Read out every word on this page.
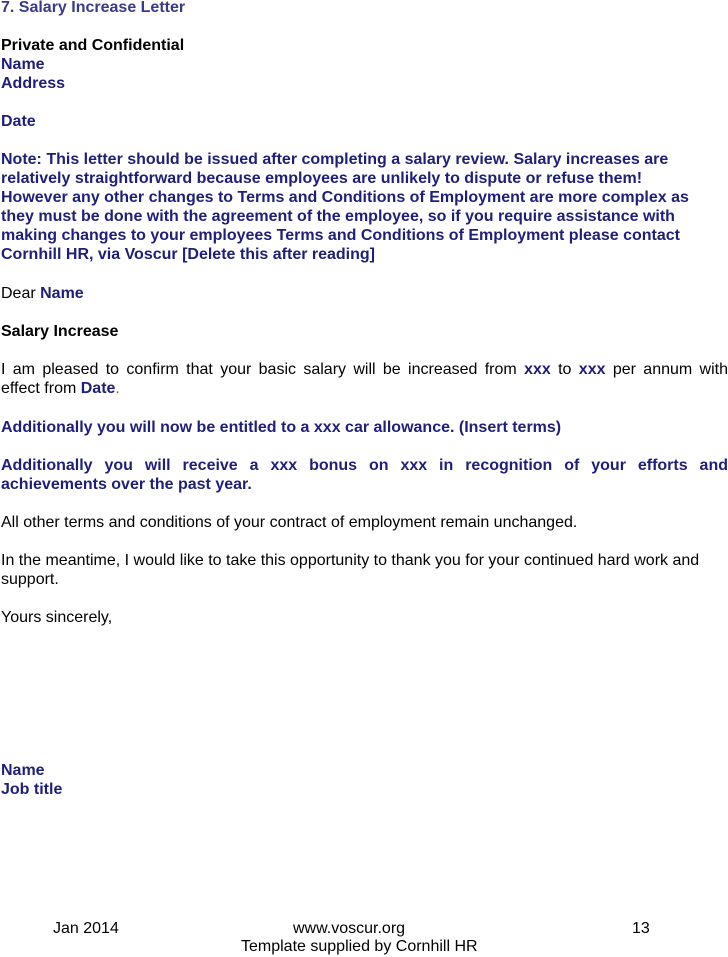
7. Salary Increase Letter
Private and Confidential
Name
Address
Date
Note: This letter should be issued after completing a salary review. Salary increases are
relatively straightforward because employees are unlikely to dispute or refuse them!
However any other changes to Terms and Conditions of Employment are more complex as
they must be done with the agreement of the employee, so if you require assistance with
making changes to your employees Terms and Conditions of Employment please contact
Cornhill HR, via Voscur [Delete this after reading]
Dear Name
Salary Increase
I am pleased to confirm that your basic salary will be increased from xxx to xxx per annum with
effect from Date.
Additionally you will now be entitled to a xxx car allowance. (Insert terms)
Additionally you will receive a xxx bonus on xxx in recognition of your efforts and
achievements over the past year.
All other terms and conditions of your contract of employment remain unchanged.
In the meantime, I would like to take this opportunity to thank you for your continued hard work and
support.
Yours sincerely,
Name
Job title
Jan 2014	www.voscur.org	13
Template supplied by Cornhill HR
